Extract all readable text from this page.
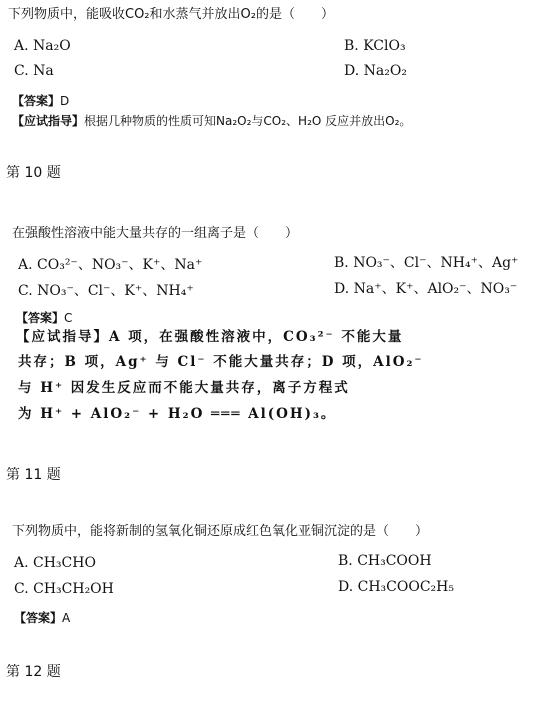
下列物质中，能吸收CO₂和水蒸气并放出O₂的是（　　）
A. Na₂O	B. KClO₃
C. Na	D. Na₂O₂
【答案】D
【应试指导】根据几种物质的性质可知Na₂O₂与CO₂、H₂O 反应并放出O₂。
第 10 题
在强酸性溶液中能大量共存的一组离子是（　　）
A. CO₃²⁻、NO₃⁻、K⁺、Na⁺	B. NO₃⁻、Cl⁻、NH₄⁺、Ag⁺
C. NO₃⁻、Cl⁻、K⁺、NH₄⁺	D. Na⁺、K⁺、AlO₂⁻、NO₃⁻
【答案】C
【应试指导】A 项，在强酸性溶液中，CO₃²⁻ 不能大量
共存；B 项，Ag⁺ 与 Cl⁻ 不能大量共存；D 项，AlO₂⁻
与 H⁺ 因发生反应而不能大量共存，离子方程式
为 H⁺ + AlO₂⁻ + H₂O ═══ Al(OH)₃。
第 11 题
下列物质中，能将新制的氢氧化铜还原成红色氧化亚铜沉淀的是（　　）
A. CH₃CHO	B. CH₃COOH
C. CH₃CH₂OH	D. CH₃COOC₂H₅
【答案】A
第 12 题
